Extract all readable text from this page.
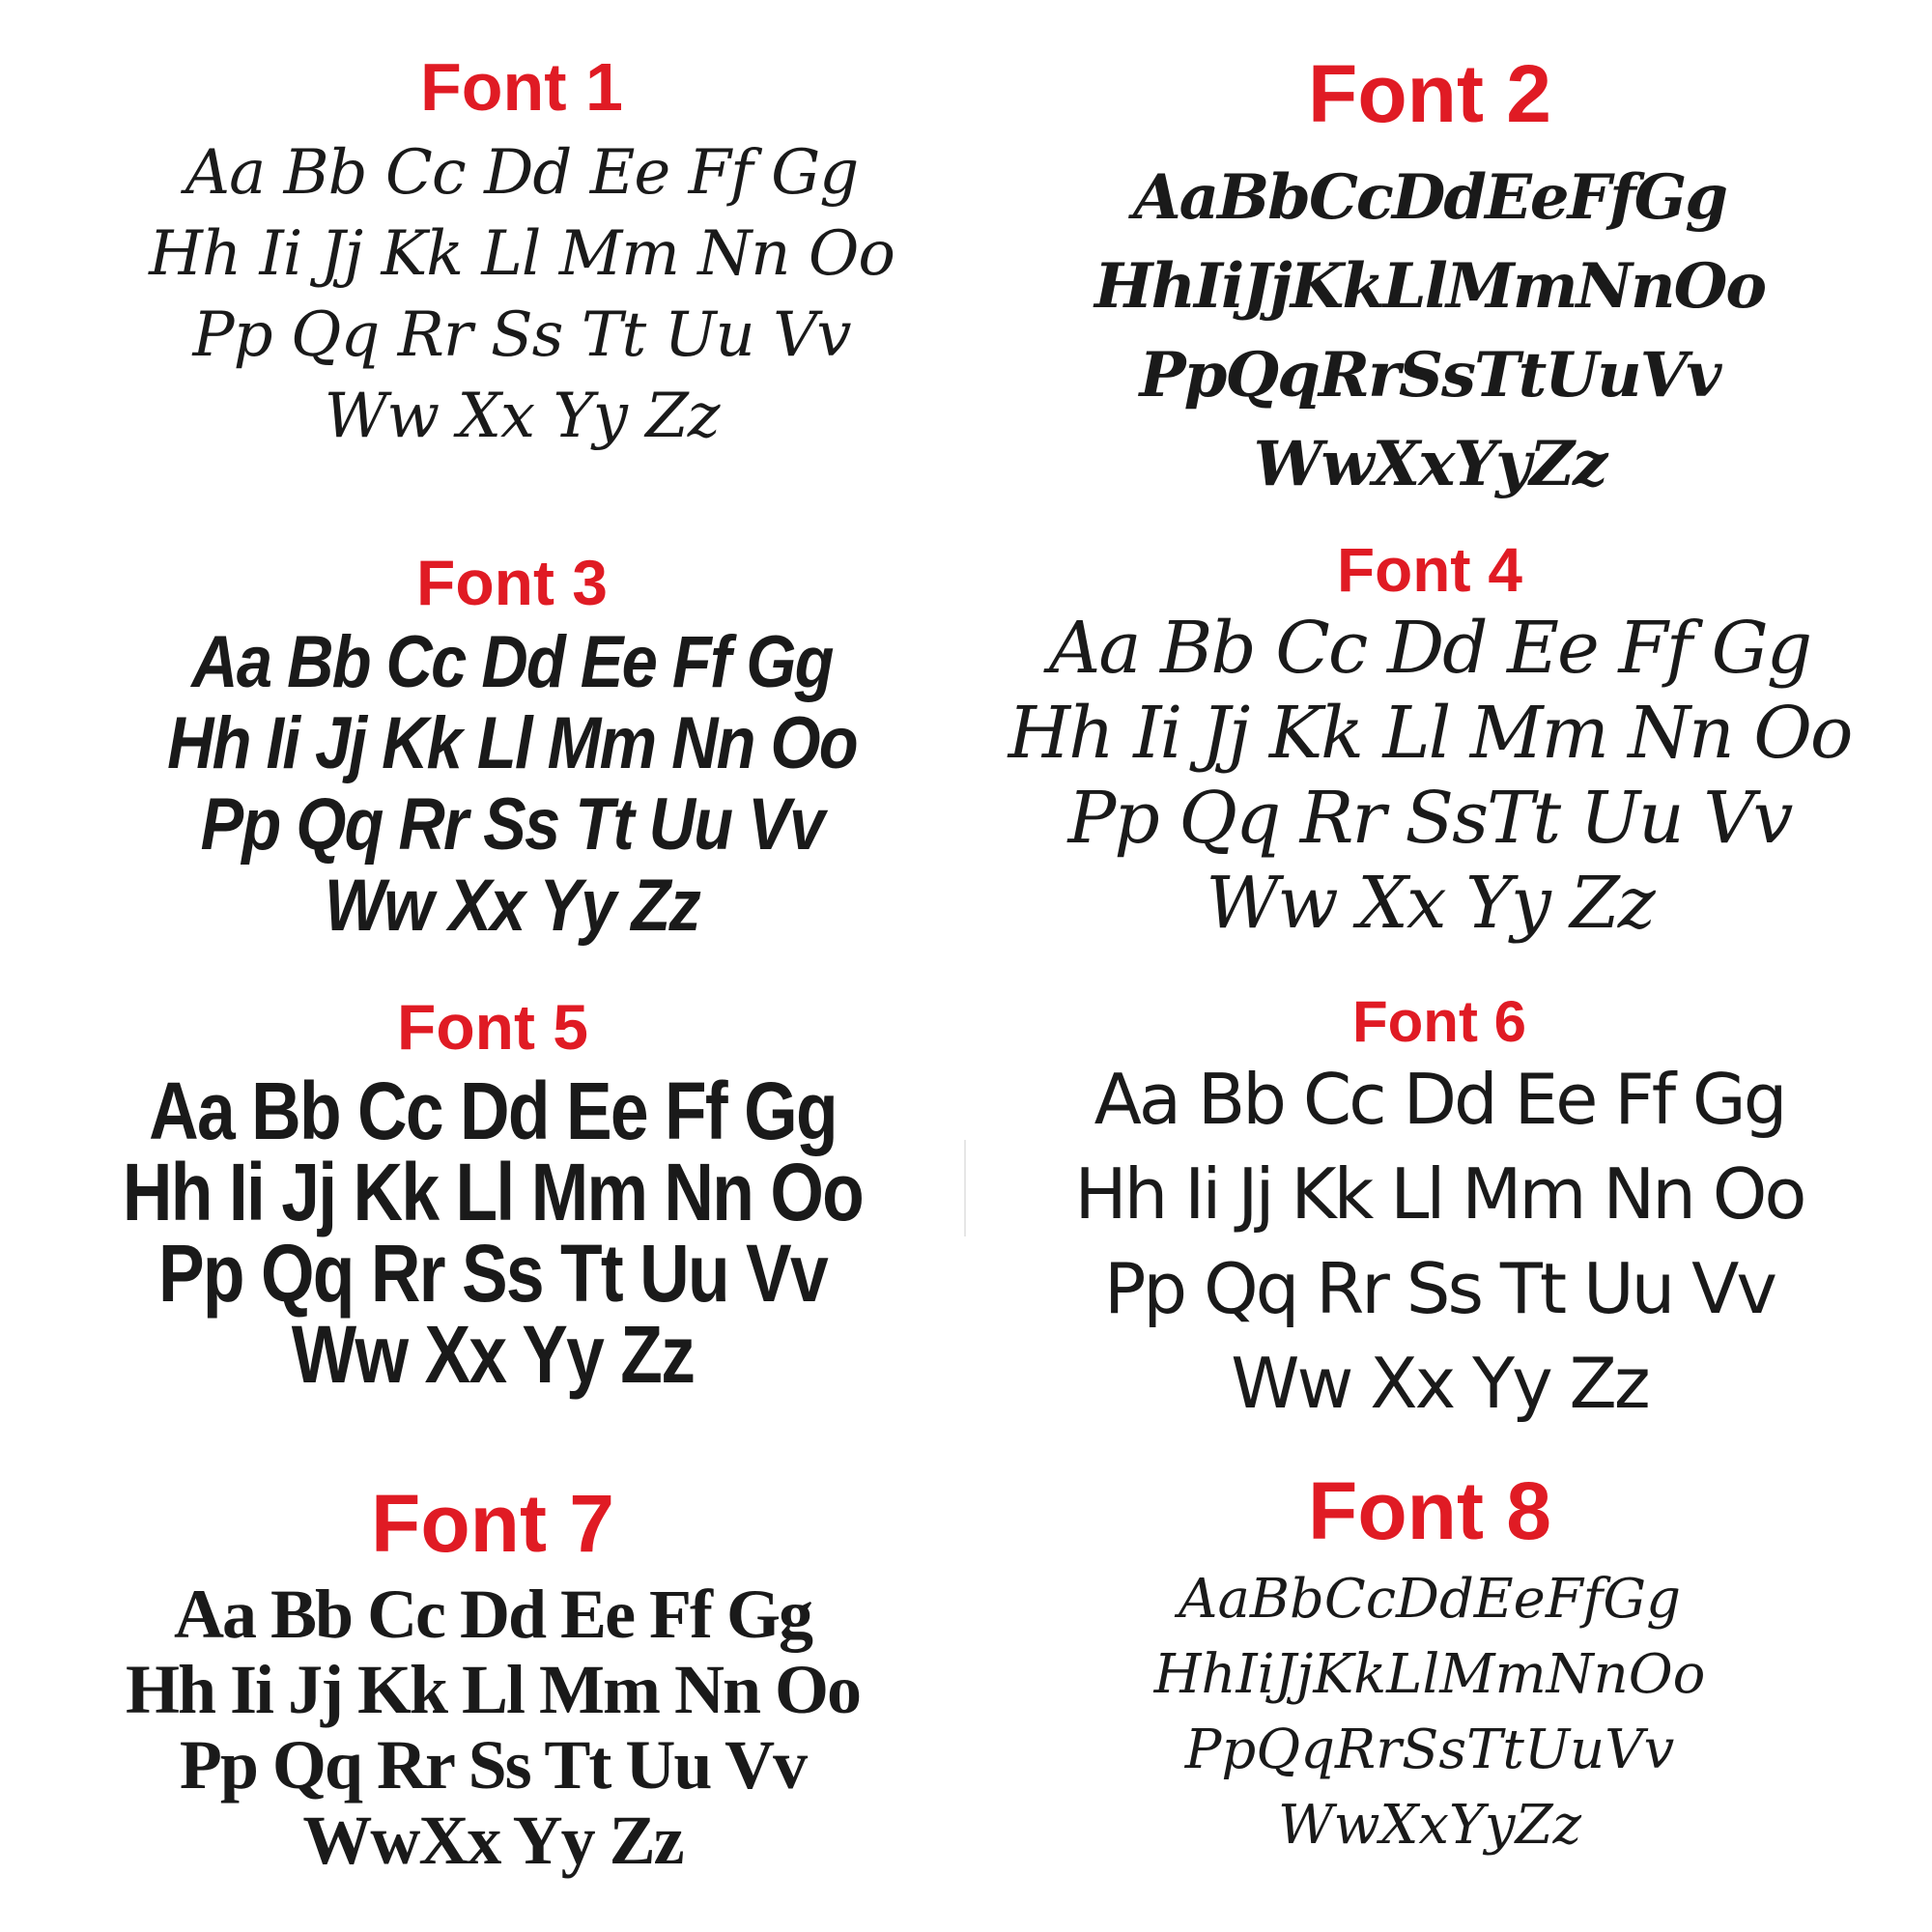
Font 1
Aa Bb Cc Dd Ee Ff Gg
Hh Ii Jj Kk Ll Mm Nn Oo
Pp Qq Rr Ss Tt Uu Vv
Ww Xx Yy Zz
Font 2
AaBbCcDdEeFfGg
HhIiJjKkLlMmNnOo
PpQqRrSsTtUuVv
WwXxYyZz
Font 3
Aa Bb Cc Dd Ee Ff Gg
Hh Ii Jj Kk Ll Mm Nn Oo
Pp Qq Rr Ss Tt Uu Vv
Ww Xx Yy Zz
Font 4
Aa Bb Cc Dd Ee Ff Gg
Hh Ii Jj Kk Ll Mm Nn Oo
Pp Qq Rr SsTt Uu Vv
Ww Xx Yy Zz
Font 5
Aa Bb Cc Dd Ee Ff Gg
Hh Ii Jj Kk Ll Mm Nn Oo
Pp Qq Rr Ss Tt Uu Vv
Ww Xx Yy Zz
Font 6
Aa Bb Cc Dd Ee Ff Gg
Hh Ii Jj Kk Ll Mm Nn Oo
Pp Qq Rr Ss Tt Uu Vv
Ww Xx Yy Zz
Font 7
Aa Bb Cc Dd Ee Ff Gg
Hh Ii Jj Kk Ll Mm Nn Oo
Pp Qq Rr Ss Tt Uu Vv
WwXx Yy Zz
Font 8
AaBbCcDdEeFfGg
HhIiJjKkLlMmNnOo
PpQqRrSsTtUuVv
WwXxYyZz
